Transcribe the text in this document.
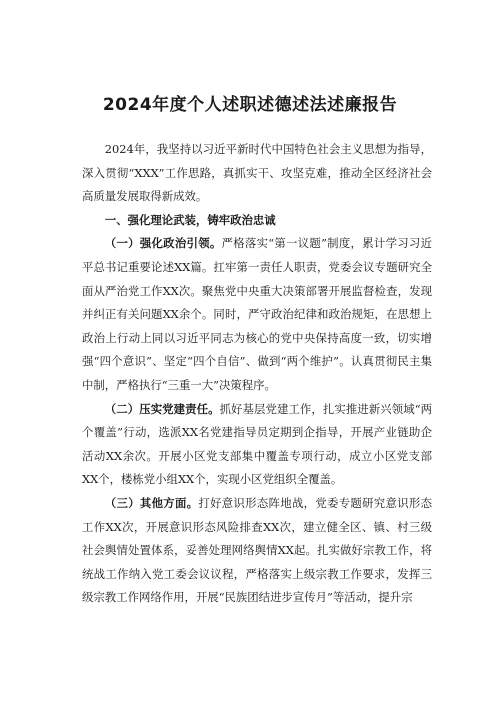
2024年度个人述职述德述法述廉报告

2024年，我坚持以习近平新时代中国特色社会主义思想为指导，深入贯彻“XXX”工作思路，真抓实干、攻坚克难，推动全区经济社会高质量发展取得新成效。

一、强化理论武装，铸牢政治忠诚

（一）强化政治引领。严格落实“第一议题”制度，累计学习习近平总书记重要论述XX篇。扛牢第一责任人职责，党委会议专题研究全面从严治党工作XX次。聚焦党中央重大决策部署开展监督检查，发现并纠正有关问题XX余个。同时，严守政治纪律和政治规矩，在思想上政治上行动上同以习近平同志为核心的党中央保持高度一致，切实增强“四个意识”、坚定“四个自信”、做到“两个维护”。认真贯彻民主集中制，严格执行“三重一大”决策程序。

（二）压实党建责任。抓好基层党建工作，扎实推进新兴领域“两个覆盖”行动，选派XX名党建指导员定期到企指导，开展产业链助企活动XX余次。开展小区党支部集中覆盖专项行动，成立小区党支部XX个，楼栋党小组XX个，实现小区党组织全覆盖。

（三）其他方面。打好意识形态阵地战，党委专题研究意识形态工作XX次，开展意识形态风险排查XX次，建立健全区、镇、村三级社会舆情处置体系，妥善处理网络舆情XX起。扎实做好宗教工作，将统战工作纳入党工委会议议程，严格落实上级宗教工作要求，发挥三级宗教工作网络作用，开展“民族团结进步宣传月”等活动，提升宗
